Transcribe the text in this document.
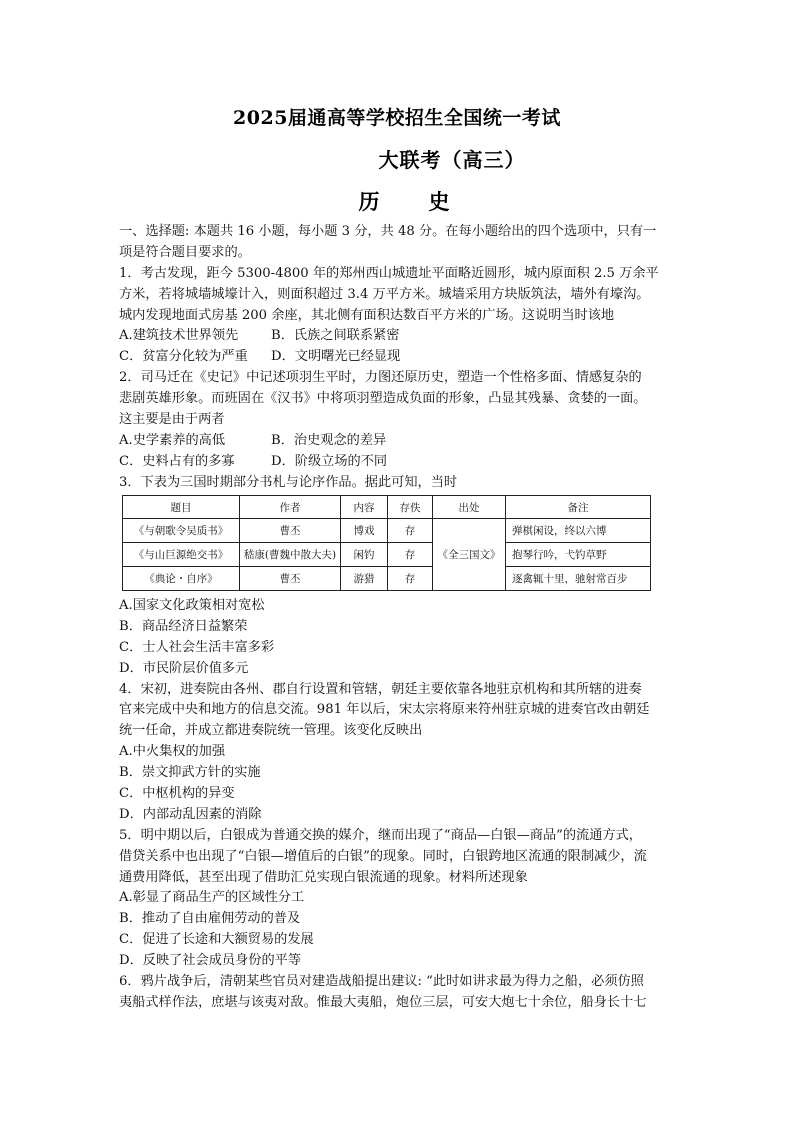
2025届通高等学校招生全国统一考试
大联考（高三）
历　史
一、选择题: 本题共 16 小题，每小题 3 分，共 48 分。在每小题给出的四个选项中，只有一
项是符合题目要求的。
1．考古发现，距今 5300-4800 年的郑州西山城遗址平面略近圆形，城内原面积 2.5 万余平
方米，若将城墙城壕计入，则面积超过 3.4 万平方米。城墙采用方块版筑法，墙外有壕沟。
城内发现地面式房基 200 余座，其北侧有面积达数百平方米的广场。这说明当时该地
A.建筑技术世界领先	B．氏族之间联系紧密
C．贫富分化较为严重	D．文明曙光已经显现
2．司马迁在《史记》中记述项羽生平时，力图还原历史，塑造一个性格多面、情感复杂的
悲剧英雄形象。而班固在《汉书》中将项羽塑造成负面的形象，凸显其残暴、贪婪的一面。
这主要是由于两者
A.史学素养的高低	B．治史观念的差异
C．史料占有的多寡	D．阶级立场的不同
3．下表为三国时期部分书札与论序作品。据此可知，当时
题目	作者	内容	存佚	出处	备注
《与朝歌令吴质书》	曹丕	博戏	存	《全三国文》	弹棋闲设，终以六博
《与山巨源绝交书》	嵇康(曹魏中散大夫)	闲钓	存		抱琴行吟，弋钓草野
《典论・自序》	曹丕	游猎	存		逐禽辄十里，驰射常百步
A.国家文化政策相对宽松
B．商品经济日益繁荣
C．士人社会生活丰富多彩
D．市民阶层价值多元
4．宋初，进奏院由各州、郡自行设置和管辖，朝廷主要依靠各地驻京机构和其所辖的进奏
官来完成中央和地方的信息交流。981 年以后，宋太宗将原来符州驻京城的进奏官改由朝廷
统一任命，并成立都进奏院统一管理。该变化反映出
A.中火集权的加强
B．崇文抑武方针的实施
C．中枢机构的异变
D．内部动乱因素的消除
5．明中期以后，白银成为普通交换的媒介，继而出现了“商品—白银—商品”的流通方式，
借贷关系中也出现了“白银—增值后的白银”的现象。同时，白银跨地区流通的限制减少，流
通费用降低，甚至出现了借助汇兑实现白银流通的现象。材料所述现象
A.彰显了商品生产的区域性分工
B．推动了自由雇佣劳动的普及
C．促进了长途和大额贸易的发展
D．反映了社会成员身份的平等
6．鸦片战争后，清朝某些官员对建造战船提出建议: “此时如讲求最为得力之船，必须仿照
夷船式样作法，庶堪与该夷对敌。惟最大夷船，炮位三层，可安大炮七十余位，船身长十七
